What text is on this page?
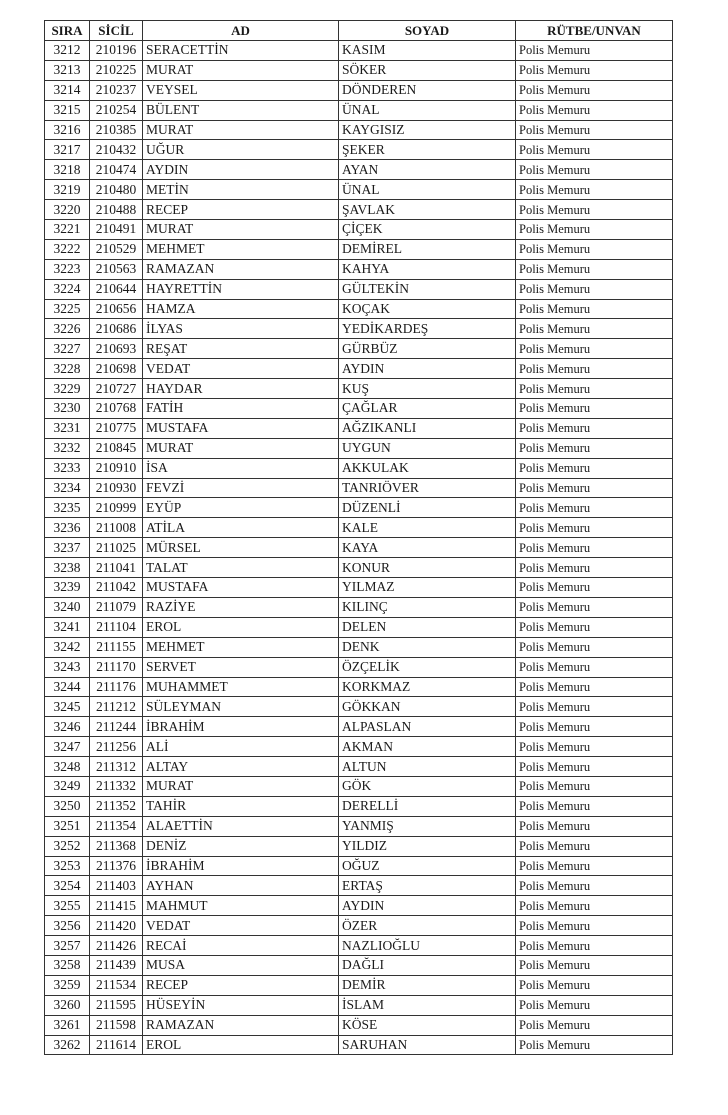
SIRA	SİCİL	AD	SOYAD	RÜTBE/UNVAN
3212	210196	SERACETTİN	KASIM	Polis Memuru
3213	210225	MURAT	SÖKER	Polis Memuru
3214	210237	VEYSEL	DÖNDEREN	Polis Memuru
3215	210254	BÜLENT	ÜNAL	Polis Memuru
3216	210385	MURAT	KAYGISIZ	Polis Memuru
3217	210432	UĞUR	ŞEKER	Polis Memuru
3218	210474	AYDIN	AYAN	Polis Memuru
3219	210480	METİN	ÜNAL	Polis Memuru
3220	210488	RECEP	ŞAVLAK	Polis Memuru
3221	210491	MURAT	ÇİÇEK	Polis Memuru
3222	210529	MEHMET	DEMİREL	Polis Memuru
3223	210563	RAMAZAN	KAHYA	Polis Memuru
3224	210644	HAYRETTİN	GÜLTEKİN	Polis Memuru
3225	210656	HAMZA	KOÇAK	Polis Memuru
3226	210686	İLYAS	YEDİKARDEŞ	Polis Memuru
3227	210693	REŞAT	GÜRBÜZ	Polis Memuru
3228	210698	VEDAT	AYDIN	Polis Memuru
3229	210727	HAYDAR	KUŞ	Polis Memuru
3230	210768	FATİH	ÇAĞLAR	Polis Memuru
3231	210775	MUSTAFA	AĞZIKANLI	Polis Memuru
3232	210845	MURAT	UYGUN	Polis Memuru
3233	210910	İSA	AKKULAK	Polis Memuru
3234	210930	FEVZİ	TANRIÖVER	Polis Memuru
3235	210999	EYÜP	DÜZENLİ	Polis Memuru
3236	211008	ATİLA	KALE	Polis Memuru
3237	211025	MÜRSEL	KAYA	Polis Memuru
3238	211041	TALAT	KONUR	Polis Memuru
3239	211042	MUSTAFA	YILMAZ	Polis Memuru
3240	211079	RAZİYE	KILINÇ	Polis Memuru
3241	211104	EROL	DELEN	Polis Memuru
3242	211155	MEHMET	DENK	Polis Memuru
3243	211170	SERVET	ÖZÇELİK	Polis Memuru
3244	211176	MUHAMMET	KORKMAZ	Polis Memuru
3245	211212	SÜLEYMAN	GÖKKAN	Polis Memuru
3246	211244	İBRAHİM	ALPASLAN	Polis Memuru
3247	211256	ALİ	AKMAN	Polis Memuru
3248	211312	ALTAY	ALTUN	Polis Memuru
3249	211332	MURAT	GÖK	Polis Memuru
3250	211352	TAHİR	DERELLİ	Polis Memuru
3251	211354	ALAETTİN	YANMIŞ	Polis Memuru
3252	211368	DENİZ	YILDIZ	Polis Memuru
3253	211376	İBRAHİM	OĞUZ	Polis Memuru
3254	211403	AYHAN	ERTAŞ	Polis Memuru
3255	211415	MAHMUT	AYDIN	Polis Memuru
3256	211420	VEDAT	ÖZER	Polis Memuru
3257	211426	RECAİ	NAZLIOĞLU	Polis Memuru
3258	211439	MUSA	DAĞLI	Polis Memuru
3259	211534	RECEP	DEMİR	Polis Memuru
3260	211595	HÜSEYİN	İSLAM	Polis Memuru
3261	211598	RAMAZAN	KÖSE	Polis Memuru
3262	211614	EROL	SARUHAN	Polis Memuru
